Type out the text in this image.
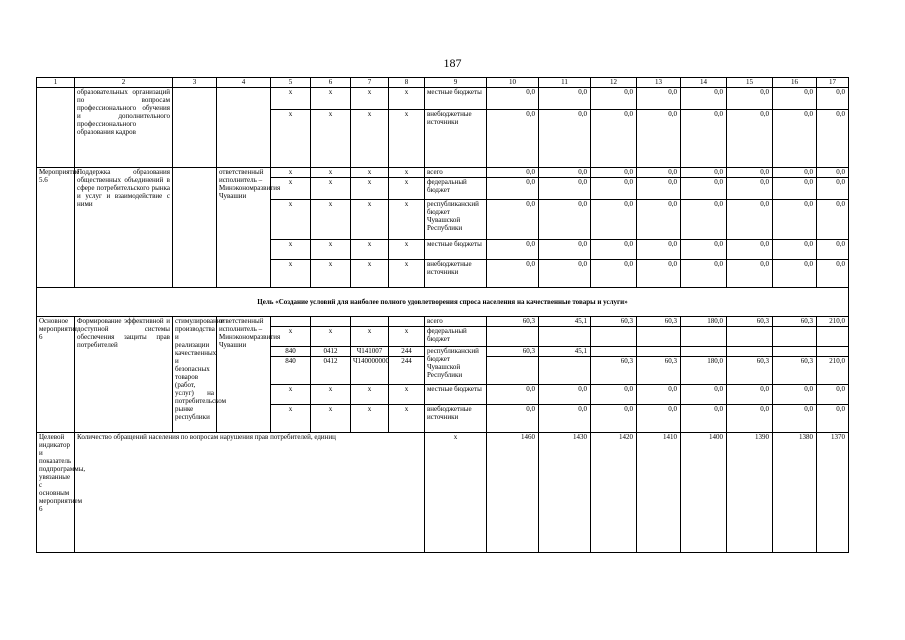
187
1	2	3	4	5	6	7	8	9	10	11	12	13	14	15	16	17
	образовательных организаций по вопросам профессионального обучения и дополнительного профессионального образования кадров			x	x	x	x	местные бюджеты	0,0	0,0	0,0	0,0	0,0	0,0	0,0	0,0
				x	x	x	x	внебюджетные источники	0,0	0,0	0,0	0,0	0,0	0,0	0,0	0,0
Мероприятие 5.6	Поддержка образования общественных объединений в сфере потребительского рынка и услуг и взаимодействие с ними		ответственный исполнитель – Минэкономразвития Чувашии	x	x	x	x	всего	0,0	0,0	0,0	0,0	0,0	0,0	0,0	0,0
				x	x	x	x	федеральный бюджет	0,0	0,0	0,0	0,0	0,0	0,0	0,0	0,0
				x	x	x	x	республиканский бюджет Чувашской Республики	0,0	0,0	0,0	0,0	0,0	0,0	0,0	0,0
				x	x	x	x	местные бюджеты	0,0	0,0	0,0	0,0	0,0	0,0	0,0	0,0
				x	x	x	x	внебюджетные источники	0,0	0,0	0,0	0,0	0,0	0,0	0,0	0,0
Цель «Создание условий для наиболее полного удовлетворения спроса населения на качественные товары и услуги»																
Основное мероприятие 6	Формирование эффективной и доступной системы обеспечения защиты прав потребителей	стимулирование производства и реализации качественных и безопасных товаров (работ, услуг) на потребительском рынке республики	ответственный исполнитель – Минэкономразвития Чувашии					всего	60,3	45,1	60,3	60,3	180,0	60,3	60,3	210,0
				x	x	x	x	федеральный бюджет								
				840	0412	Ч141007	244	республиканский бюджет Чувашской Республики	60,3	45,1						
				840	0412	Ч140000000	244				60,3	60,3	180,0	60,3	60,3	210,0
				x	x	x	x	местные бюджеты	0,0	0,0	0,0	0,0	0,0	0,0	0,0	0,0
				x	x	x	x	внебюджетные источники	0,0	0,0	0,0	0,0	0,0	0,0	0,0	0,0
Целевой индикатор и показатель подпрограммы, увязанные с основным мероприятием 6	Количество обращений населения по вопросам нарушения прав потребителей, единиц							x	1460	1430	1420	1410	1400	1390	1380	1370
